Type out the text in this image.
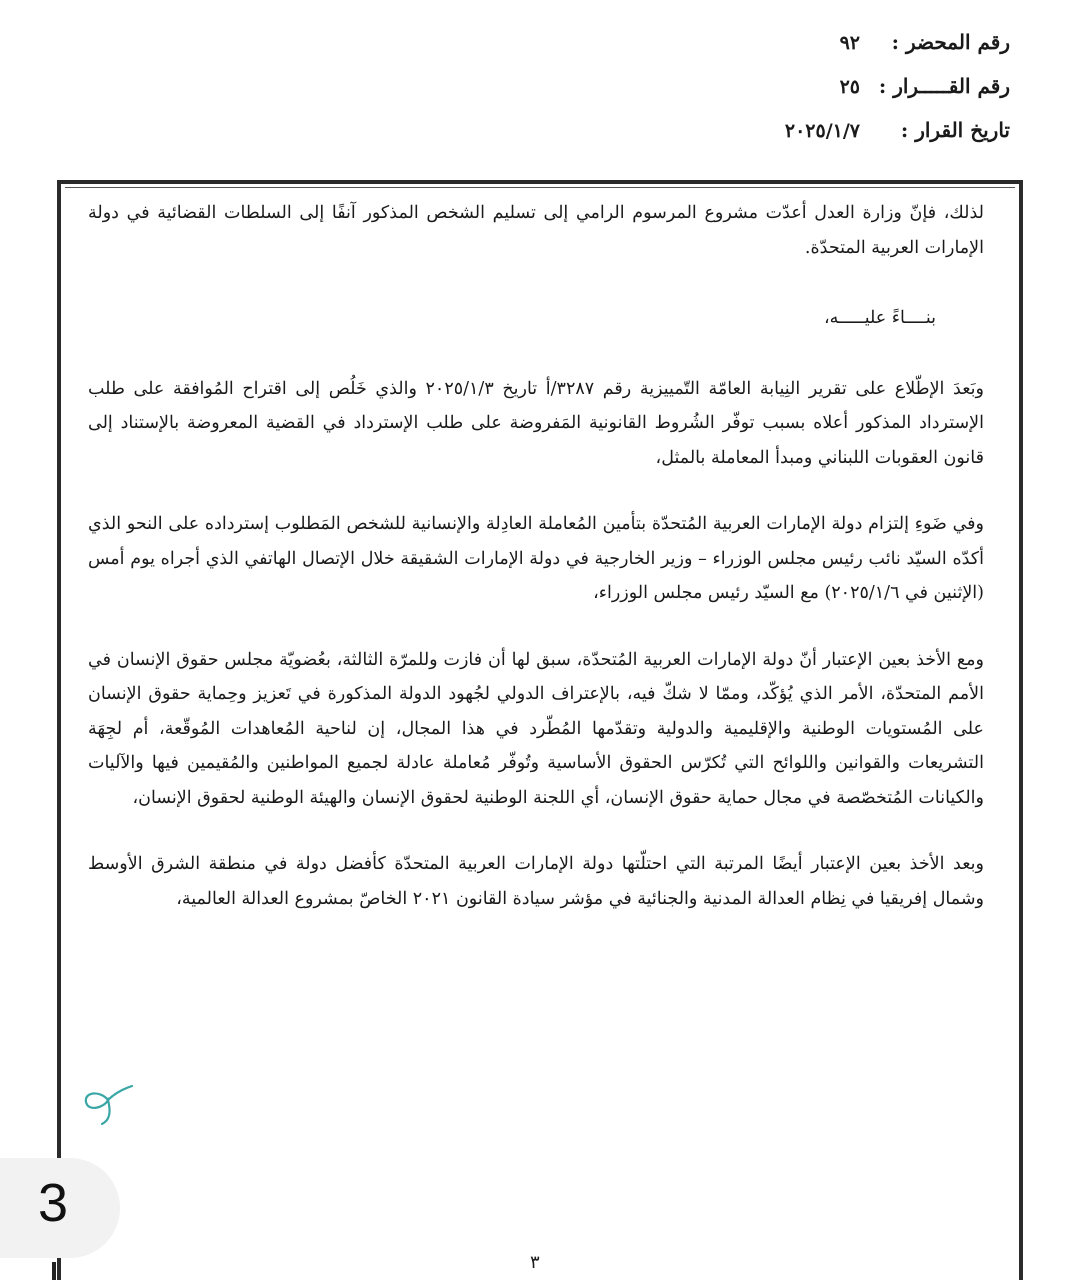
رقم المحضر :
٩٢
رقم القـــــرار :
٢٥
تاريخ القرار :
٢٠٢٥/١/٧

لذلك، فإنّ وزارة العدل أعدّت مشروع المرسوم الرامي إلى تسليم الشخص المذكور آنفًا إلى السلطات القضائية في دولة الإمارات العربية المتحدّة.

بنــــاءً عليـــــه،

وبَعدَ الإطّلاع على تقرير النِيابة العامّة التّمييزية رقم ٣٢٨٧/أ تاريخ ٢٠٢٥/١/٣ والذي خَلُص إلى اقتراح المُوافقة على طلب الإسترداد المذكور أعلاه بسبب توفّر الشُروط القانونية المَفروضة على طلب الإسترداد في القضية المعروضة بالإستناد إلى قانون العقوبات اللبناني ومبدأ المعاملة بالمثل،

وفي ضَوءِ إلتزام دولة الإمارات العربية المُتحدّة بتأمين المُعاملة العادِلة والإنسانية للشخص المَطلوب إسترداده على النحو الذي أكدّه السيّد نائب رئيس مجلس الوزراء – وزير الخارجية في دولة الإمارات الشقيقة خلال الإتصال الهاتفي الذي أجراه يوم أمس (الإثنين في ٢٠٢٥/١/٦) مع السيّد رئيس مجلس الوزراء،

ومع الأخذ بعين الإعتبار أنّ دولة الإمارات العربية المُتحدّة، سبق لها أن فازت وللمرّة الثالثة، بعُضويّة مجلس حقوق الإنسان في الأمم المتحدّة، الأمر الذي يُؤكّد، وممّا لا شكّ فيه، بالإعتراف الدولي لجُهود الدولة المذكورة في تَعزيز وحِماية حقوق الإنسان على المُستويات الوطنية والإقليمية والدولية وتقدّمها المُطّرد في هذا المجال، إن لناحية المُعاهدات المُوقّعة، أم لجِهَة التشريعات والقوانين واللوائح التي تُكرّس الحقوق الأساسية وتُوفّر مُعاملة عادلة لجميع المواطنين والمُقيمين فيها والآليات والكيانات المُتخصّصة في مجال حماية حقوق الإنسان، أي اللجنة الوطنية لحقوق الإنسان والهيئة الوطنية لحقوق الإنسان،

وبعد الأخذ بعين الإعتبار أيضًا المرتبة التي احتلّتها دولة الإمارات العربية المتحدّة كأفضل دولة في منطقة الشرق الأوسط وشمال إفريقيا في نِظام العدالة المدنية والجنائية في مؤشر سيادة القانون ٢٠٢١ الخاصّ بمشروع العدالة العالمية،

3
٣
